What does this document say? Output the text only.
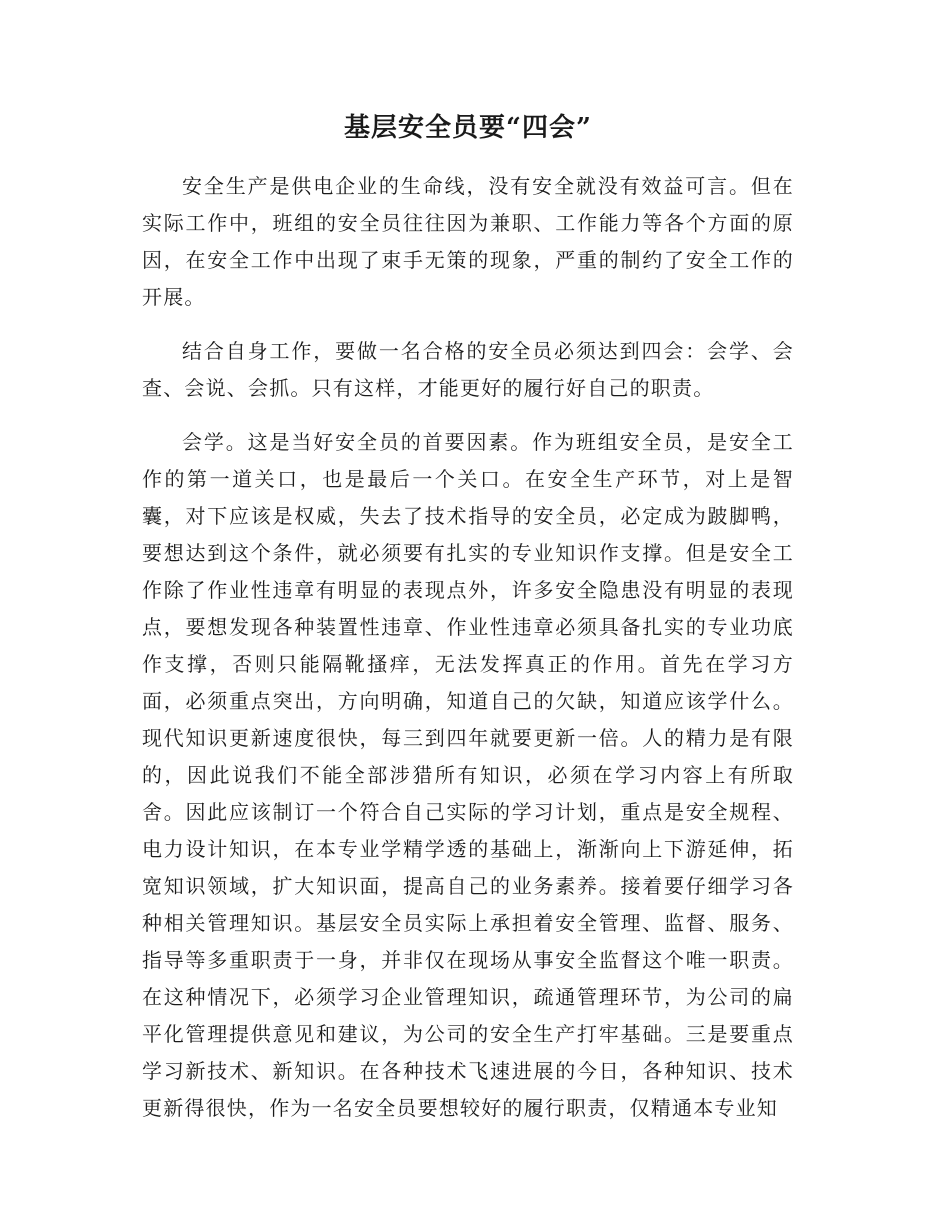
基层安全员要“四会”

安全生产是供电企业的生命线，没有安全就没有效益可言。但在实际工作中，班组的安全员往往因为兼职、工作能力等各个方面的原因，在安全工作中出现了束手无策的现象，严重的制约了安全工作的开展。

结合自身工作，要做一名合格的安全员必须达到四会：会学、会查、会说、会抓。只有这样，才能更好的履行好自己的职责。

会学。这是当好安全员的首要因素。作为班组安全员，是安全工作的第一道关口，也是最后一个关口。在安全生产环节，对上是智囊，对下应该是权威，失去了技术指导的安全员，必定成为跛脚鸭，要想达到这个条件，就必须要有扎实的专业知识作支撑。但是安全工作除了作业性违章有明显的表现点外，许多安全隐患没有明显的表现点，要想发现各种装置性违章、作业性违章必须具备扎实的专业功底作支撑，否则只能隔靴搔痒，无法发挥真正的作用。首先在学习方面，必须重点突出，方向明确，知道自己的欠缺，知道应该学什么。现代知识更新速度很快，每三到四年就要更新一倍。人的精力是有限的，因此说我们不能全部涉猎所有知识，必须在学习内容上有所取舍。因此应该制订一个符合自己实际的学习计划，重点是安全规程、电力设计知识，在本专业学精学透的基础上，渐渐向上下游延伸，拓宽知识领域，扩大知识面，提高自己的业务素养。接着要仔细学习各种相关管理知识。基层安全员实际上承担着安全管理、监督、服务、指导等多重职责于一身，并非仅在现场从事安全监督这个唯一职责。在这种情况下，必须学习企业管理知识，疏通管理环节，为公司的扁平化管理提供意见和建议，为公司的安全生产打牢基础。三是要重点学习新技术、新知识。在各种技术飞速进展的今日，各种知识、技术更新得很快，作为一名安全员要想较好的履行职责，仅精通本专业知
